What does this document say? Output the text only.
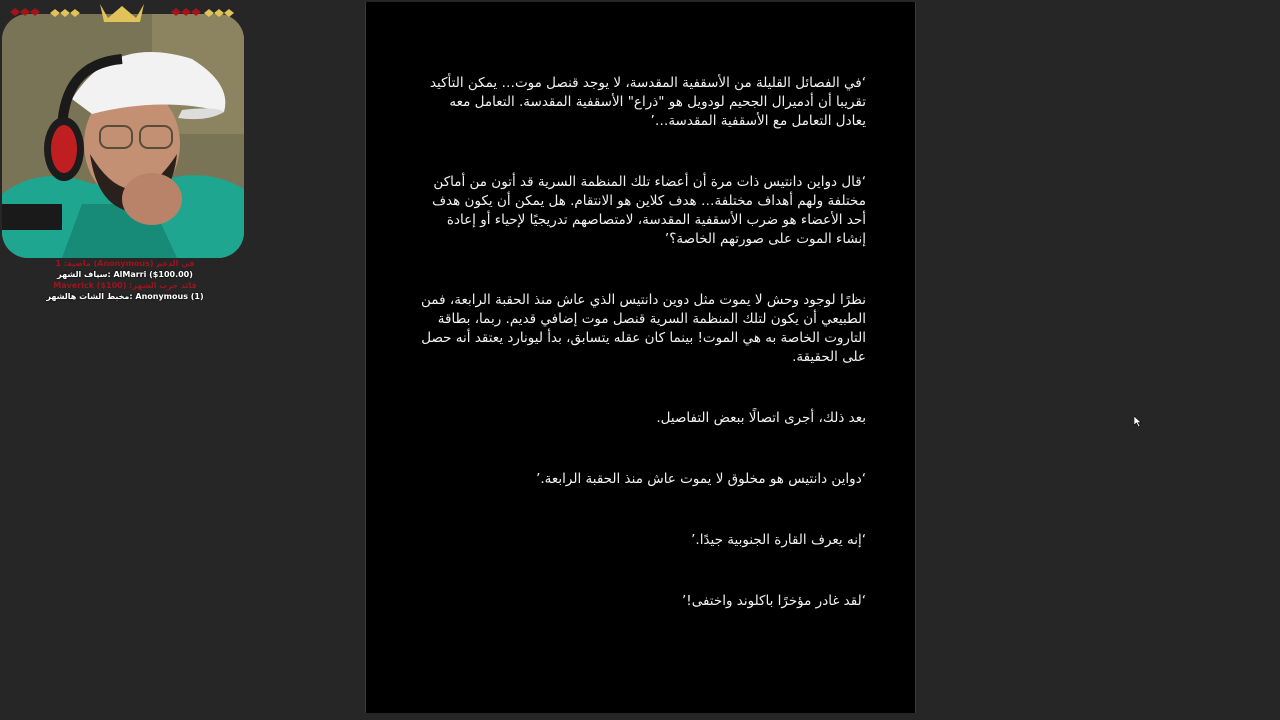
‘في الفصائل القليلة من الأسقفية المقدسة، لا يوجد قنصل موت… يمكن التأكيد تقريبا أن أدميرال الجحيم لودويل هو "ذراع" الأسقفية المقدسة. التعامل معه يعادل التعامل مع الأسقفية المقدسة…’

‘قال دواين دانتيس ذات مرة أن أعضاء تلك المنظمة السرية قد أتون من أماكن مختلفة ولهم أهداف مختلفة… هدف كلاين هو الانتقام. هل يمكن أن يكون هدف أحد الأعضاء هو ضرب الأسقفية المقدسة، لامتصاصهم تدريجيًا لإحياء أو إعادة إنشاء الموت على صورتهم الخاصة؟’

نظرًا لوجود وحش لا يموت مثل دوين دانتيس الذي عاش منذ الحقبة الرابعة، فمن الطبيعي أن يكون لتلك المنظمة السرية قنصل موت إضافي قديم. ربما، بطاقة التاروت الخاصة به هي الموت! بينما كان عقله يتسابق، بدأ ليونارد يعتقد أنه حصل على الحقيقة.

بعد ذلك، أجرى اتصالًا ببعض التفاصيل.

‘دواين دانتيس هو مخلوق لا يموت عاش منذ الحقبة الرابعة.’

‘إنه يعرف القارة الجنوبية جيدًا.’

‘لقد غادر مؤخرًا باكلوند واختفى!’

ماضية: 1 (Anonymous) في الدعم
سياف الشهر: AlMarri ($100.00)
Maverick ($100) :قائد حرب الشهر
مخبط الشات هالشهر: Anonymous (1)
